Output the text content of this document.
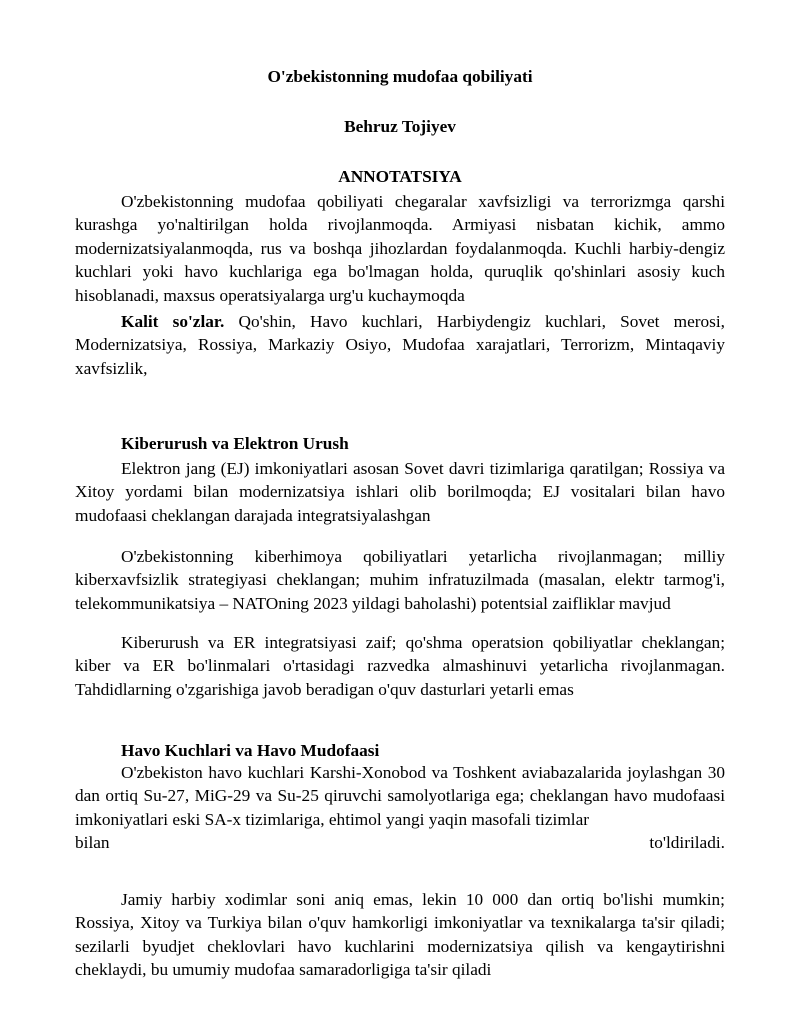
O'zbekistonning mudofaa qobiliyati
Behruz Tojiyev
ANNOTATSIYA
O'zbekistonning mudofaa qobiliyati chegaralar xavfsizligi va terrorizmga qarshi kurashga yo'naltirilgan holda rivojlanmoqda. Armiyasi nisbatan kichik, ammo modernizatsiyalanmoqda, rus va boshqa jihozlardan foydalanmoqda. Kuchli harbiy-dengiz kuchlari yoki havo kuchlariga ega bo'lmagan holda, quruqlik qo'shinlari asosiy kuch hisoblanadi, maxsus operatsiyalarga urg'u kuchaymoqda
Kalit so'zlar. Qo'shin, Havo kuchlari, Harbiydengiz kuchlari, Sovet merosi, Modernizatsiya, Rossiya, Markaziy Osiyo, Mudofaa xarajatlari, Terrorizm, Mintaqaviy xavfsizlik,
Kiberurush va Elektron Urush
Elektron jang (EJ) imkoniyatlari asosan Sovet davri tizimlariga qaratilgan; Rossiya va Xitoy yordami bilan modernizatsiya ishlari olib borilmoqda; EJ vositalari bilan havo mudofaasi cheklangan darajada integratsiyalashgan
O'zbekistonning kiberhimoya qobiliyatlari yetarlicha rivojlanmagan; milliy kiberxavfsizlik strategiyasi cheklangan; muhim infratuzilmada (masalan, elektr tarmog'i, telekommunikatsiya – NATOning 2023 yildagi baholashi) potentsial zaifliklar mavjud
Kiberurush va ER integratsiyasi zaif; qo'shma operatsion qobiliyatlar cheklangan; kiber va ER bo'linmalari o'rtasidagi razvedka almashinuvi yetarlicha rivojlanmagan. Tahdidlarning o'zgarishiga javob beradigan o'quv dasturlari yetarli emas
Havo Kuchlari va Havo Mudofaasi
O'zbekiston havo kuchlari Karshi-Xonobod va Toshkent aviabazalarida joylashgan 30 dan ortiq Su-27, MiG-29 va Su-25 qiruvchi samolyotlariga ega; cheklangan havo mudofaasi imkoniyatlari eski SA-x tizimlariga, ehtimol yangi yaqin masofali tizimlar
bilan	to'ldiriladi.
Jamiy harbiy xodimlar soni aniq emas, lekin 10 000 dan ortiq bo'lishi mumkin; Rossiya, Xitoy va Turkiya bilan o'quv hamkorligi imkoniyatlar va texnikalarga ta'sir qiladi; sezilarli byudjet cheklovlari havo kuchlarini modernizatsiya qilish va kengaytirishni cheklaydi, bu umumiy mudofaa samaradorligiga ta'sir qiladi
